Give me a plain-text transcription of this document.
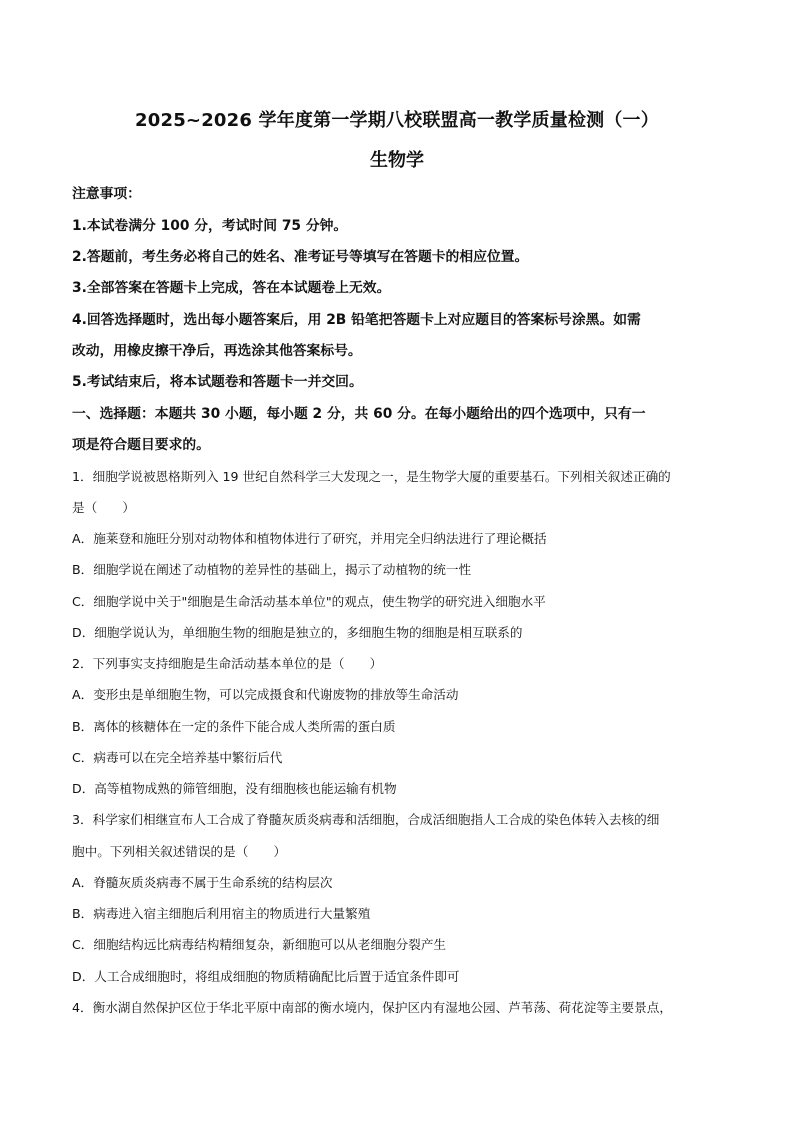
2025~2026 学年度第一学期八校联盟高一教学质量检测（一）
生物学
注意事项：
1.本试卷满分 100 分，考试时间 75 分钟。
2.答题前，考生务必将自己的姓名、准考证号等填写在答题卡的相应位置。
3.全部答案在答题卡上完成，答在本试题卷上无效。
4.回答选择题时，选出每小题答案后，用 2B 铅笔把答题卡上对应题目的答案标号涂黑。如需
改动，用橡皮擦干净后，再选涂其他答案标号。
5.考试结束后，将本试题卷和答题卡一并交回。
一、选择题：本题共 30 小题，每小题 2 分，共 60 分。在每小题给出的四个选项中，只有一
项是符合题目要求的。
1．细胞学说被恩格斯列入 19 世纪自然科学三大发现之一，是生物学大厦的重要基石。下列相关叙述正确的
是（　　）
A．施莱登和施旺分别对动物体和植物体进行了研究，并用完全归纳法进行了理论概括
B．细胞学说在阐述了动植物的差异性的基础上，揭示了动植物的统一性
C．细胞学说中关于"细胞是生命活动基本单位"的观点，使生物学的研究进入细胞水平
D．细胞学说认为，单细胞生物的细胞是独立的，多细胞生物的细胞是相互联系的
2．下列事实支持细胞是生命活动基本单位的是（　　）
A．变形虫是单细胞生物，可以完成摄食和代谢废物的排放等生命活动
B．离体的核糖体在一定的条件下能合成人类所需的蛋白质
C．病毒可以在完全培养基中繁衍后代
D．高等植物成熟的筛管细胞，没有细胞核也能运输有机物
3．科学家们相继宣布人工合成了脊髓灰质炎病毒和活细胞，合成活细胞指人工合成的染色体转入去核的细
胞中。下列相关叙述错误的是（　　）
A．脊髓灰质炎病毒不属于生命系统的结构层次
B．病毒进入宿主细胞后利用宿主的物质进行大量繁殖
C．细胞结构远比病毒结构精细复杂，新细胞可以从老细胞分裂产生
D．人工合成细胞时，将组成细胞的物质精确配比后置于适宜条件即可
4．衡水湖自然保护区位于华北平原中南部的衡水境内，保护区内有湿地公园、芦苇荡、荷花淀等主要景点，
